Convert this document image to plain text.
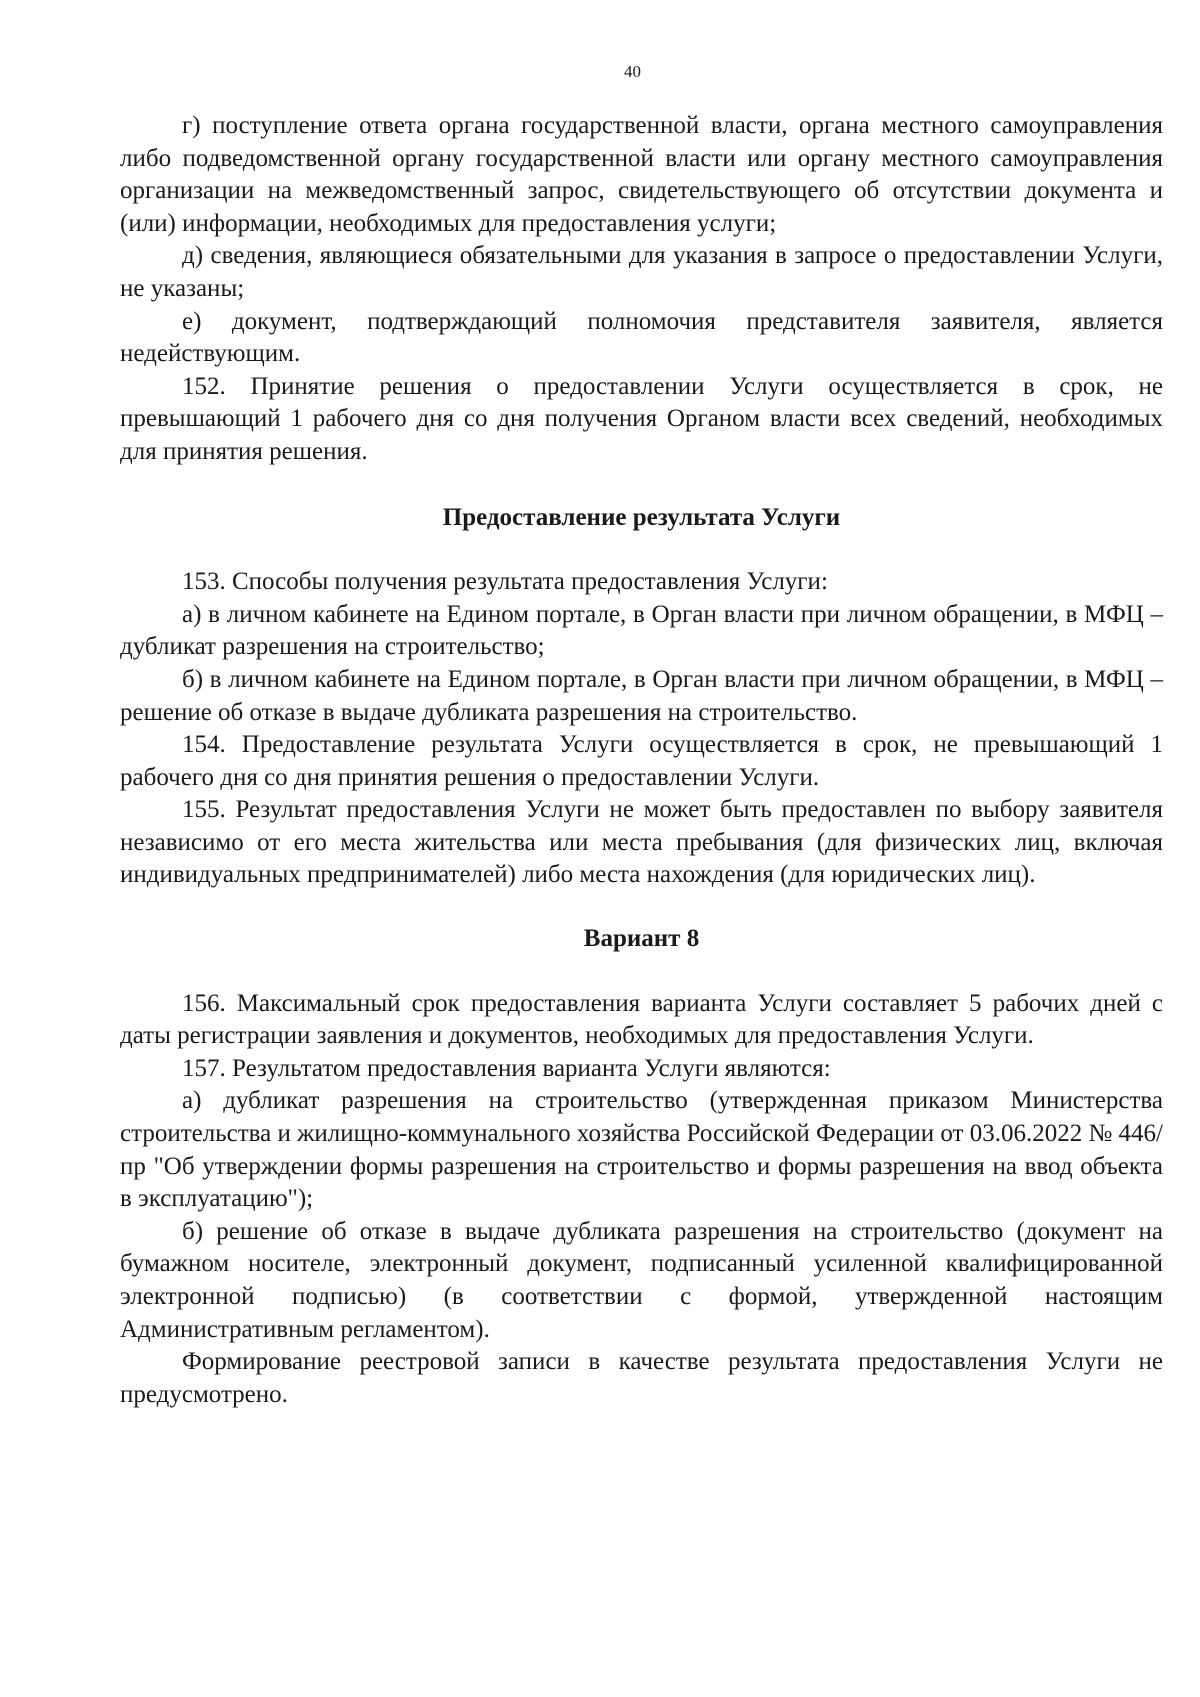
40

г) поступление ответа органа государственной власти, органа местного самоуправления либо подведомственной органу государственной власти или органу местного самоуправления организации на межведомственный запрос, свидетельствующего об отсутствии документа и (или) информации, необходимых для предоставления услуги;

д) сведения, являющиеся обязательными для указания в запросе о предоставлении Услуги, не указаны;

е) документ, подтверждающий полномочия представителя заявителя, является недействующим.

152. Принятие решения о предоставлении Услуги осуществляется в срок, не превышающий 1 рабочего дня со дня получения Органом власти всех сведений, необходимых для принятия решения.

Предоставление результата Услуги

153. Способы получения результата предоставления Услуги:

а) в личном кабинете на Едином портале, в Орган власти при личном обращении, в МФЦ – дубликат разрешения на строительство;

б) в личном кабинете на Едином портале, в Орган власти при личном обращении, в МФЦ – решение об отказе в выдаче дубликата разрешения на строительство.

154. Предоставление результата Услуги осуществляется в срок, не превышающий 1 рабочего дня со дня принятия решения о предоставлении Услуги.

155. Результат предоставления Услуги не может быть предоставлен по выбору заявителя независимо от его места жительства или места пребывания (для физических лиц, включая индивидуальных предпринимателей) либо места нахождения (для юридических лиц).

Вариант 8

156. Максимальный срок предоставления варианта Услуги составляет 5 рабочих дней с даты регистрации заявления и документов, необходимых для предоставления Услуги.

157. Результатом предоставления варианта Услуги являются:

а) дубликат разрешения на строительство (утвержденная приказом Министерства строительства и жилищно-коммунального хозяйства Российской Федерации от 03.06.2022 № 446/пр "Об утверждении формы разрешения на строительство и формы разрешения на ввод объекта в эксплуатацию");

б) решение об отказе в выдаче дубликата разрешения на строительство (документ на бумажном носителе, электронный документ, подписанный усиленной квалифицированной электронной подписью) (в соответствии с формой, утвержденной настоящим Административным регламентом).

Формирование реестровой записи в качестве результата предоставления Услуги не предусмотрено.
